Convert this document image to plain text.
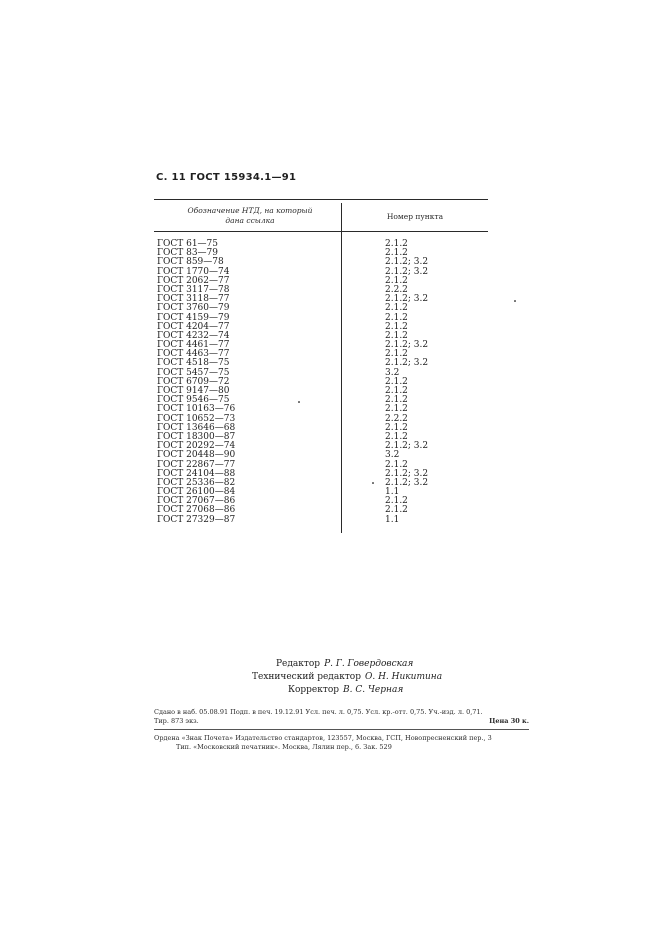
С. 11 ГОСТ 15934.1—91
Обозначение НТД, на который
дана ссылка	Номер пункта
ГОСТ 61—75	2.1.2
ГОСТ 83—79	2.1.2
ГОСТ 859—78	2.1.2; 3.2
ГОСТ 1770—74	2.1.2; 3.2
ГОСТ 2062—77	2.1.2
ГОСТ 3117—78	2.2.2
ГОСТ 3118—77	2.1.2; 3.2
ГОСТ 3760—79	2.1.2
ГОСТ 4159—79	2.1.2
ГОСТ 4204—77	2.1.2
ГОСТ 4232—74	2.1.2
ГОСТ 4461—77	2.1.2; 3.2
ГОСТ 4463—77	2.1.2
ГОСТ 4518—75	2.1.2; 3.2
ГОСТ 5457—75	3.2
ГОСТ 6709—72	2.1.2
ГОСТ 9147—80	2.1.2
ГОСТ 9546—75	2.1.2
ГОСТ 10163—76	2.1.2
ГОСТ 10652—73	2.2.2
ГОСТ 13646—68	2.1.2
ГОСТ 18300—87	2.1.2
ГОСТ 20292—74	2.1.2; 3.2
ГОСТ 20448—90	3.2
ГОСТ 22867—77	2.1.2
ГОСТ 24104—88	2.1.2; 3.2
ГОСТ 25336—82	2.1.2; 3.2
ГОСТ 26100—84	1.1
ГОСТ 27067—86	2.1.2
ГОСТ 27068—86	2.1.2
ГОСТ 27329—87	1.1
Редактор Р. Г. Говердовская
Технический редактор О. Н. Никитина
Корректор В. С. Черная
Сдано в наб. 05.08.91 Подп. в печ. 19.12.91 Усл. печ. л. 0,75. Усл. кр.-отт. 0,75. Уч.-изд. л. 0,71.
Тир. 873 экз.	Цена 30 к.
Ордена «Знак Почета» Издательство стандартов, 123557, Москва, ГСП, Новопресненский пер., 3
Тип. «Московский печатник». Москва, Лялин пер., 6. Зак. 529
